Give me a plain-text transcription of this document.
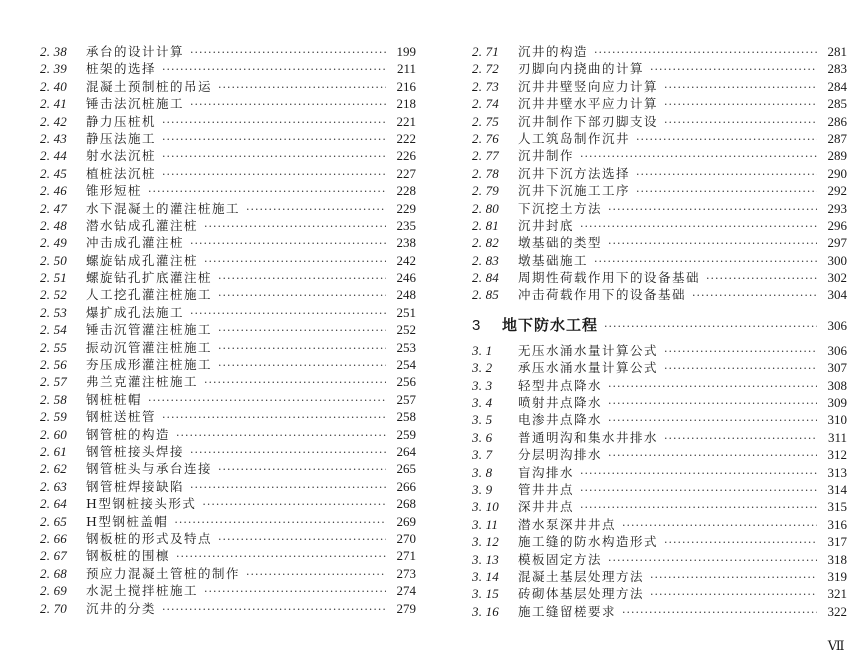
2. 38	承台的设计计算 ·····	199
2. 39	桩架的选择 ·····	211
2. 40	混凝土预制桩的吊运 ·····	216
2. 41	锤击法沉桩施工 ·····	218
2. 42	静力压桩机 ·····	221
2. 43	静压法施工 ·····	222
2. 44	射水法沉桩 ·····	226
2. 45	植桩法沉桩 ·····	227
2. 46	锥形短桩 ·····	228
2. 47	水下混凝土的灌注桩施工 ·····	229
2. 48	潜水钻成孔灌注桩 ·····	235
2. 49	冲击成孔灌注桩 ·····	238
2. 50	螺旋钻成孔灌注桩 ·····	242
2. 51	螺旋钻孔扩底灌注桩 ·····	246
2. 52	人工挖孔灌注桩施工 ·····	248
2. 53	爆扩成孔法施工 ·····	251
2. 54	锤击沉管灌注桩施工 ·····	252
2. 55	振动沉管灌注桩施工 ·····	253
2. 56	夯压成形灌注桩施工 ·····	254
2. 57	弗兰克灌注桩施工 ·····	256
2. 58	钢桩桩帽 ·····	257
2. 59	钢桩送桩管 ·····	258
2. 60	钢管桩的构造 ·····	259
2. 61	钢管桩接头焊接 ·····	264
2. 62	钢管桩头与承台连接 ·····	265
2. 63	钢管桩焊接缺陷 ·····	266
2. 64	H型钢桩接头形式 ·····	268
2. 65	H型钢桩盖帽 ·····	269
2. 66	钢板桩的形式及特点 ·····	270
2. 67	钢板桩的围檩 ·····	271
2. 68	预应力混凝土管桩的制作 ·····	273
2. 69	水泥土搅拌桩施工 ·····	274
2. 70	沉井的分类 ·····	279
2. 71	沉井的构造 ·····	281
2. 72	刃脚向内挠曲的计算 ·····	283
2. 73	沉井井壁竖向应力计算 ·····	284
2. 74	沉井井壁水平应力计算 ·····	285
2. 75	沉井制作下部刃脚支设 ·····	286
2. 76	人工筑岛制作沉井 ·····	287
2. 77	沉井制作 ·····	289
2. 78	沉井下沉方法选择 ·····	290
2. 79	沉井下沉施工工序 ·····	292
2. 80	下沉挖土方法 ·····	293
2. 81	沉井封底 ·····	296
2. 82	墩基础的类型 ·····	297
2. 83	墩基础施工 ·····	300
2. 84	周期性荷载作用下的设备基础 ·····	302
2. 85	冲击荷载作用下的设备基础 ·····	304
3	地下防水工程 ·····	306
3. 1	无压水涌水量计算公式 ·····	306
3. 2	承压水涌水量计算公式 ·····	307
3. 3	轻型井点降水 ·····	308
3. 4	喷射井点降水 ·····	309
3. 5	电渗井点降水 ·····	310
3. 6	普通明沟和集水井排水 ·····	311
3. 7	分层明沟排水 ·····	312
3. 8	盲沟排水 ·····	313
3. 9	管井井点 ·····	314
3. 10	深井井点 ·····	315
3. 11	潜水泵深井井点 ·····	316
3. 12	施工缝的防水构造形式 ·····	317
3. 13	模板固定方法 ·····	318
3. 14	混凝土基层处理方法 ·····	319
3. 15	砖砌体基层处理方法 ·····	321
3. 16	施工缝留槎要求 ·····	322
Ⅶ
